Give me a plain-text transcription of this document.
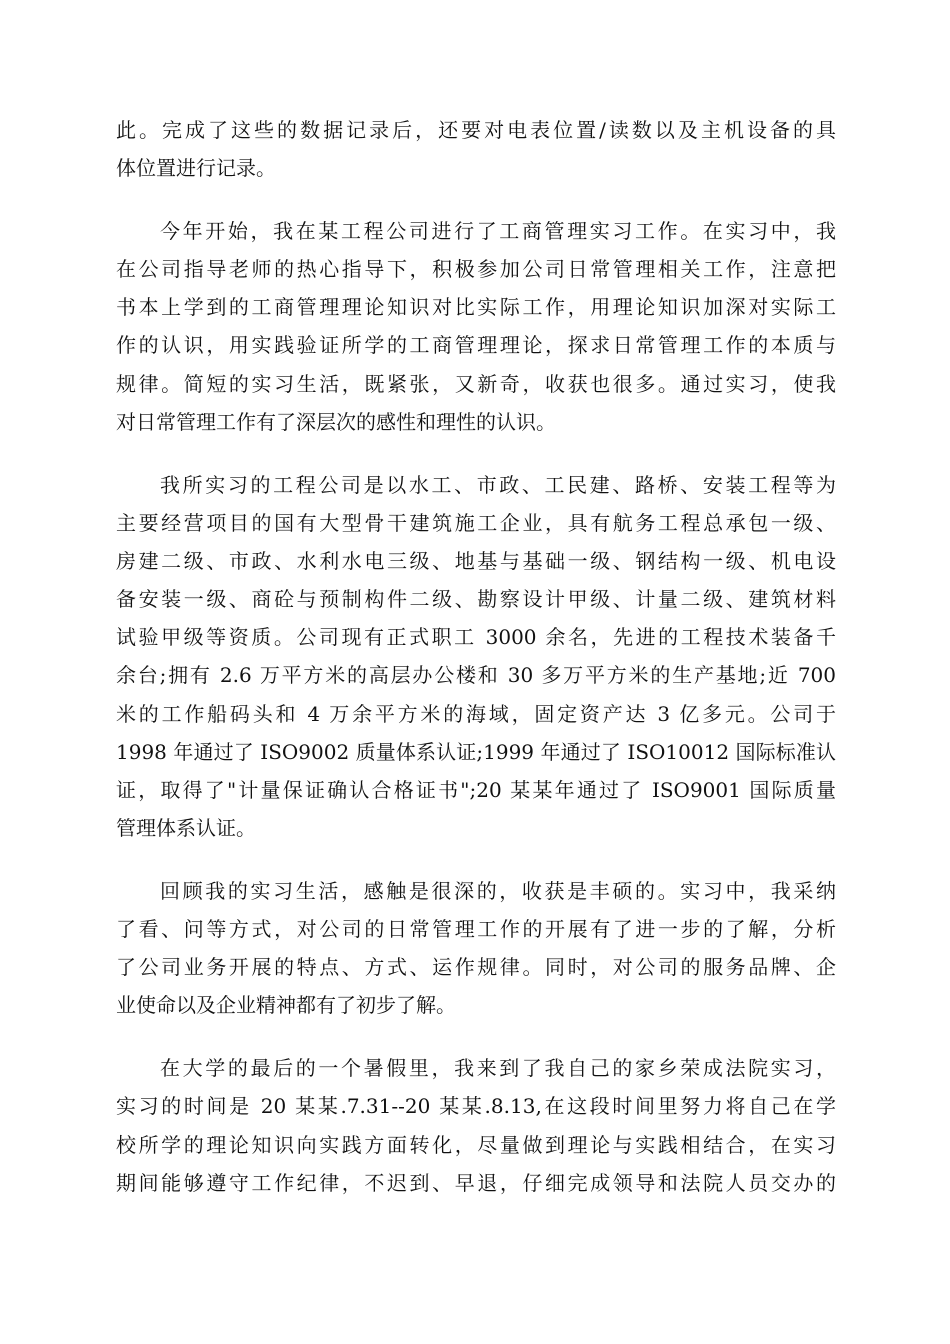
此。完成了这些的数据记录后，还要对电表位置/读数以及主机设备的具
体位置进行记录。
今年开始，我在某工程公司进行了工商管理实习工作。在实习中，我
在公司指导老师的热心指导下，积极参加公司日常管理相关工作，注意把
书本上学到的工商管理理论知识对比实际工作，用理论知识加深对实际工
作的认识，用实践验证所学的工商管理理论，探求日常管理工作的本质与
规律。简短的实习生活，既紧张，又新奇，收获也很多。通过实习，使我
对日常管理工作有了深层次的感性和理性的认识。
我所实习的工程公司是以水工、市政、工民建、路桥、安装工程等为
主要经营项目的国有大型骨干建筑施工企业，具有航务工程总承包一级、
房建二级、市政、水利水电三级、地基与基础一级、钢结构一级、机电设
备安装一级、商砼与预制构件二级、勘察设计甲级、计量二级、建筑材料
试验甲级等资质。公司现有正式职工 3000 余名，先进的工程技术装备千
余台;拥有 2.6 万平方米的高层办公楼和 30 多万平方米的生产基地;近 700
米的工作船码头和 4 万余平方米的海域，固定资产达 3 亿多元。公司于
1998 年通过了 ISO9002 质量体系认证;1999 年通过了 ISO10012 国际标准认
证，取得了"计量保证确认合格证书";20 某某年通过了 ISO9001 国际质量
管理体系认证。
回顾我的实习生活，感触是很深的，收获是丰硕的。实习中，我采纳
了看、问等方式，对公司的日常管理工作的开展有了进一步的了解，分析
了公司业务开展的特点、方式、运作规律。同时，对公司的服务品牌、企
业使命以及企业精神都有了初步了解。
在大学的最后的一个暑假里，我来到了我自己的家乡荣成法院实习，
实习的时间是 20 某某.7.31--20 某某.8.13,在这段时间里努力将自己在学
校所学的理论知识向实践方面转化，尽量做到理论与实践相结合，在实习
期间能够遵守工作纪律，不迟到、早退，仔细完成领导和法院人员交办的
